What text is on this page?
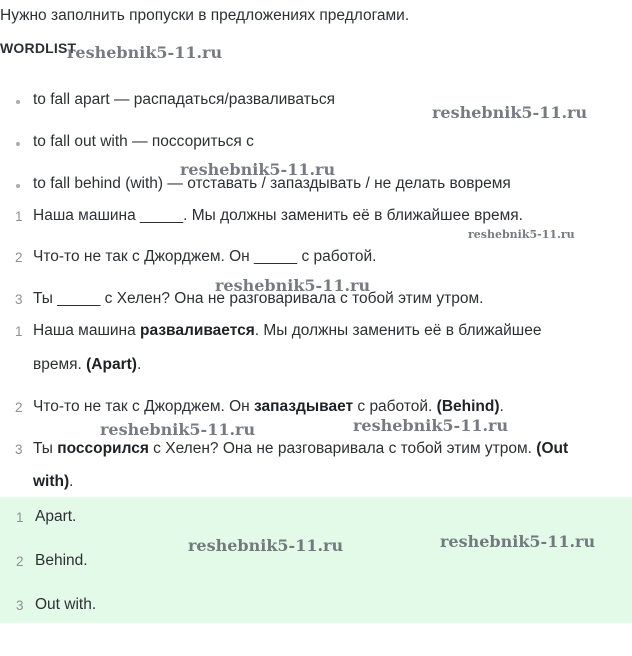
Нужно заполнить пропуски в предложениях предлогами.
WORDLIST
to fall apart — распадаться/разваливаться
to fall out with — поссориться с
to fall behind (with) — отставать / запаздывать / не делать вовремя
1 Наша машина _____. Мы должны заменить её в ближайшее время.
2 Что-то не так с Джорджем. Он _____ с работой.
3 Ты _____ с Хелен? Она не разговаривала с тобой этим утром.
1 Наша машина разваливается. Мы должны заменить её в ближайшее
время. (Apart).
2 Что-то не так с Джорджем. Он запаздывает с работой. (Behind).
3 Ты поссорился с Хелен? Она не разговаривала с тобой этим утром. (Out
with).
1 Apart.
2 Behind.
3 Out with.
reshebnik5-11.ru
reshebnik5-11.ru
reshebnik5-11.ru
reshebnik5-11.ru
reshebnik5-11.ru
reshebnik5-11.ru	reshebnik5-11.ru
reshebnik5-11.ru	reshebnik5-11.ru
